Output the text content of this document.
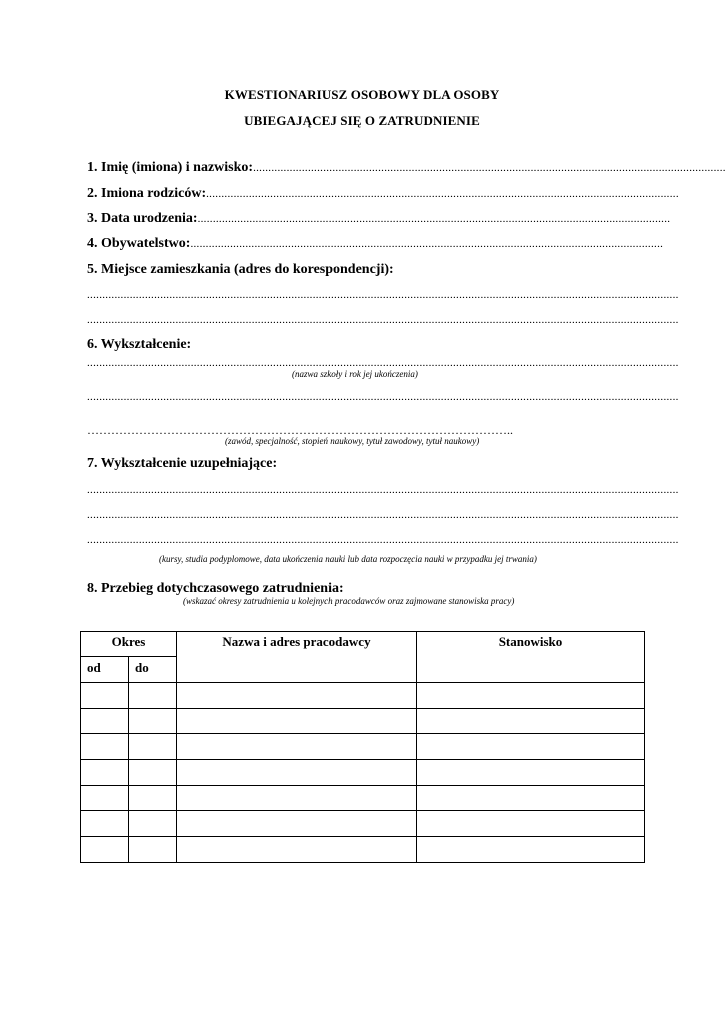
KWESTIONARIUSZ OSOBOWY DLA OSOBY
UBIEGAJĄCEJ SIĘ O ZATRUDNIENIE
1. Imię (imiona) i nazwisko:...........................................................................................................................................................
2. Imiona rodziców:...........................................................................................................................................................
3. Data urodzenia:...........................................................................................................................................................
4. Obywatelstwo:...........................................................................................................................................................
5. Miejsce zamieszkania (adres do korespondencji):
..................................................................................................................................................................................................
..................................................................................................................................................................................................
6. Wykształcenie:
..................................................................................................................................................................................................
(nazwa szkoły i rok jej ukończenia)
..................................................................................................................................................................................................
……………………………………………………………………………………………..
(zawód, specjalność, stopień naukowy, tytuł zawodowy, tytuł naukowy)
7. Wykształcenie uzupełniające:
..................................................................................................................................................................................................
..................................................................................................................................................................................................
..................................................................................................................................................................................................
(kursy, studia podyplomowe, data ukończenia nauki lub data rozpoczęcia nauki w przypadku jej trwania)
8. Przebieg dotychczasowego zatrudnienia:
(wskazać okresy zatrudnienia u kolejnych pracodawców oraz zajmowane stanowiska pracy)
Okres		Nazwa i adres pracodawcy	Stanowisko
od	do		
